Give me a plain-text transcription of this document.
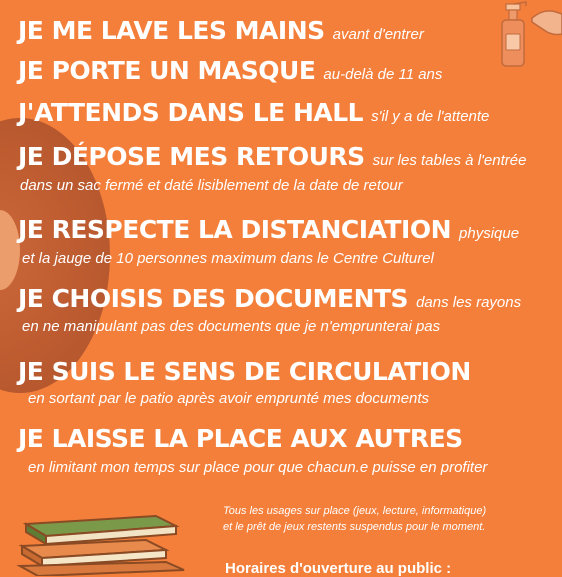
JE ME LAVE LES MAINS avant d'entrer
JE PORTE UN MASQUE au-delà de 11 ans
J'ATTENDS DANS LE HALL s'il y a de l'attente
JE DÉPOSE MES RETOURS sur les tables à l'entrée
dans un sac fermé et daté lisiblement de la date de retour
JE RESPECTE LA DISTANCIATION physique
et la jauge de 10 personnes maximum dans le Centre Culturel
JE CHOISIS DES DOCUMENTS dans les rayons
en ne manipulant pas des documents que je n'emprunterai pas
JE SUIS LE SENS DE CIRCULATION
en sortant par le patio après avoir emprunté mes documents
JE LAISSE LA PLACE AUX AUTRES
en limitant mon temps sur place pour que chacun.e puisse en profiter
Tous les usages sur place (jeux, lecture, informatique)
et le prêt de jeux restents suspendus pour le moment.
Horaires d'ouverture au public :
